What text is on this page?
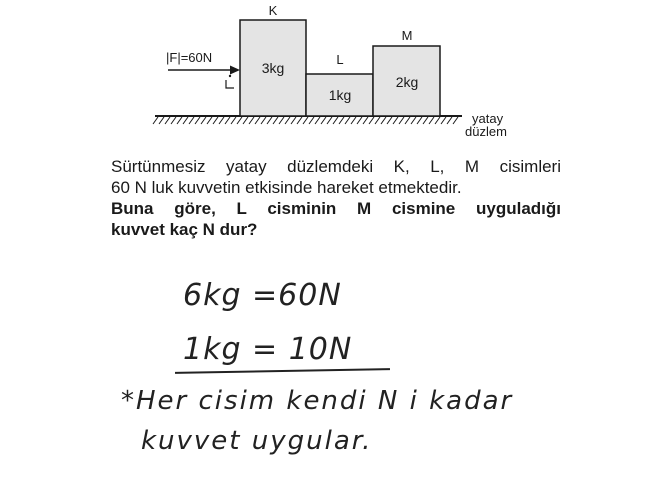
K
3kg
L
1kg
M
2kg
|F|=60N
yatay
düzlem

Sürtünmesiz yatay düzlemdeki K, L, M cisimleri

60 N luk kuvvetin etkisinde hareket etmektedir.

Buna göre, L cisminin M cismine uyguladığı

kuvvet kaç N dur?

6kg =60N
1kg = 10N
*Her cisim kendi N i kadar
kuvvet uygular.
